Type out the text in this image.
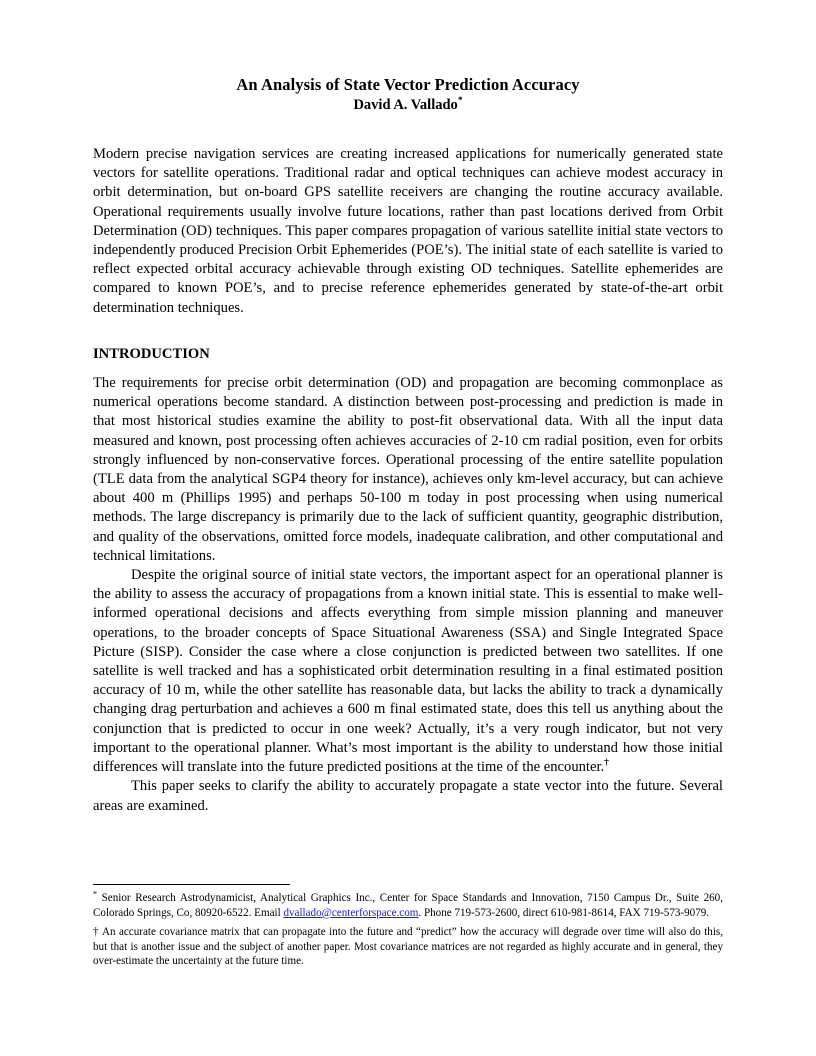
An Analysis of State Vector Prediction Accuracy
David A. Vallado*

Modern precise navigation services are creating increased applications for numerically generated state vectors for satellite operations. Traditional radar and optical techniques can achieve modest accuracy in orbit determination, but on-board GPS satellite receivers are changing the routine accuracy available. Operational requirements usually involve future locations, rather than past locations derived from Orbit Determination (OD) techniques. This paper compares propagation of various satellite initial state vectors to independently produced Precision Orbit Ephemerides (POE’s). The initial state of each satellite is varied to reflect expected orbital accuracy achievable through existing OD techniques. Satellite ephemerides are compared to known POE’s, and to precise reference ephemerides generated by state-of-the-art orbit determination techniques.

INTRODUCTION

The requirements for precise orbit determination (OD) and propagation are becoming commonplace as numerical operations become standard. A distinction between post-processing and prediction is made in that most historical studies examine the ability to post-fit observational data. With all the input data measured and known, post processing often achieves accuracies of 2-10 cm radial position, even for orbits strongly influenced by non-conservative forces. Operational processing of the entire satellite population (TLE data from the analytical SGP4 theory for instance), achieves only km-level accuracy, but can achieve about 400 m (Phillips 1995) and perhaps 50-100 m today in post processing when using numerical methods. The large discrepancy is primarily due to the lack of sufficient quantity, geographic distribution, and quality of the observations, omitted force models, inadequate calibration, and other computational and technical limitations.

Despite the original source of initial state vectors, the important aspect for an operational planner is the ability to assess the accuracy of propagations from a known initial state. This is essential to make well-informed operational decisions and affects everything from simple mission planning and maneuver operations, to the broader concepts of Space Situational Awareness (SSA) and Single Integrated Space Picture (SISP). Consider the case where a close conjunction is predicted between two satellites. If one satellite is well tracked and has a sophisticated orbit determination resulting in a final estimated position accuracy of 10 m, while the other satellite has reasonable data, but lacks the ability to track a dynamically changing drag perturbation and achieves a 600 m final estimated state, does this tell us anything about the conjunction that is predicted to occur in one week? Actually, it’s a very rough indicator, but not very important to the operational planner. What’s most important is the ability to understand how those initial differences will translate into the future predicted positions at the time of the encounter.†

This paper seeks to clarify the ability to accurately propagate a state vector into the future. Several areas are examined.

* Senior Research Astrodynamicist, Analytical Graphics Inc., Center for Space Standards and Innovation, 7150 Campus Dr., Suite 260, Colorado Springs, Co, 80920-6522. Email dvallado@centerforspace.com. Phone 719-573-2600, direct 610-981-8614, FAX 719-573-9079.

† An accurate covariance matrix that can propagate into the future and “predict” how the accuracy will degrade over time will also do this, but that is another issue and the subject of another paper. Most covariance matrices are not regarded as highly accurate and in general, they over-estimate the uncertainty at the future time.
